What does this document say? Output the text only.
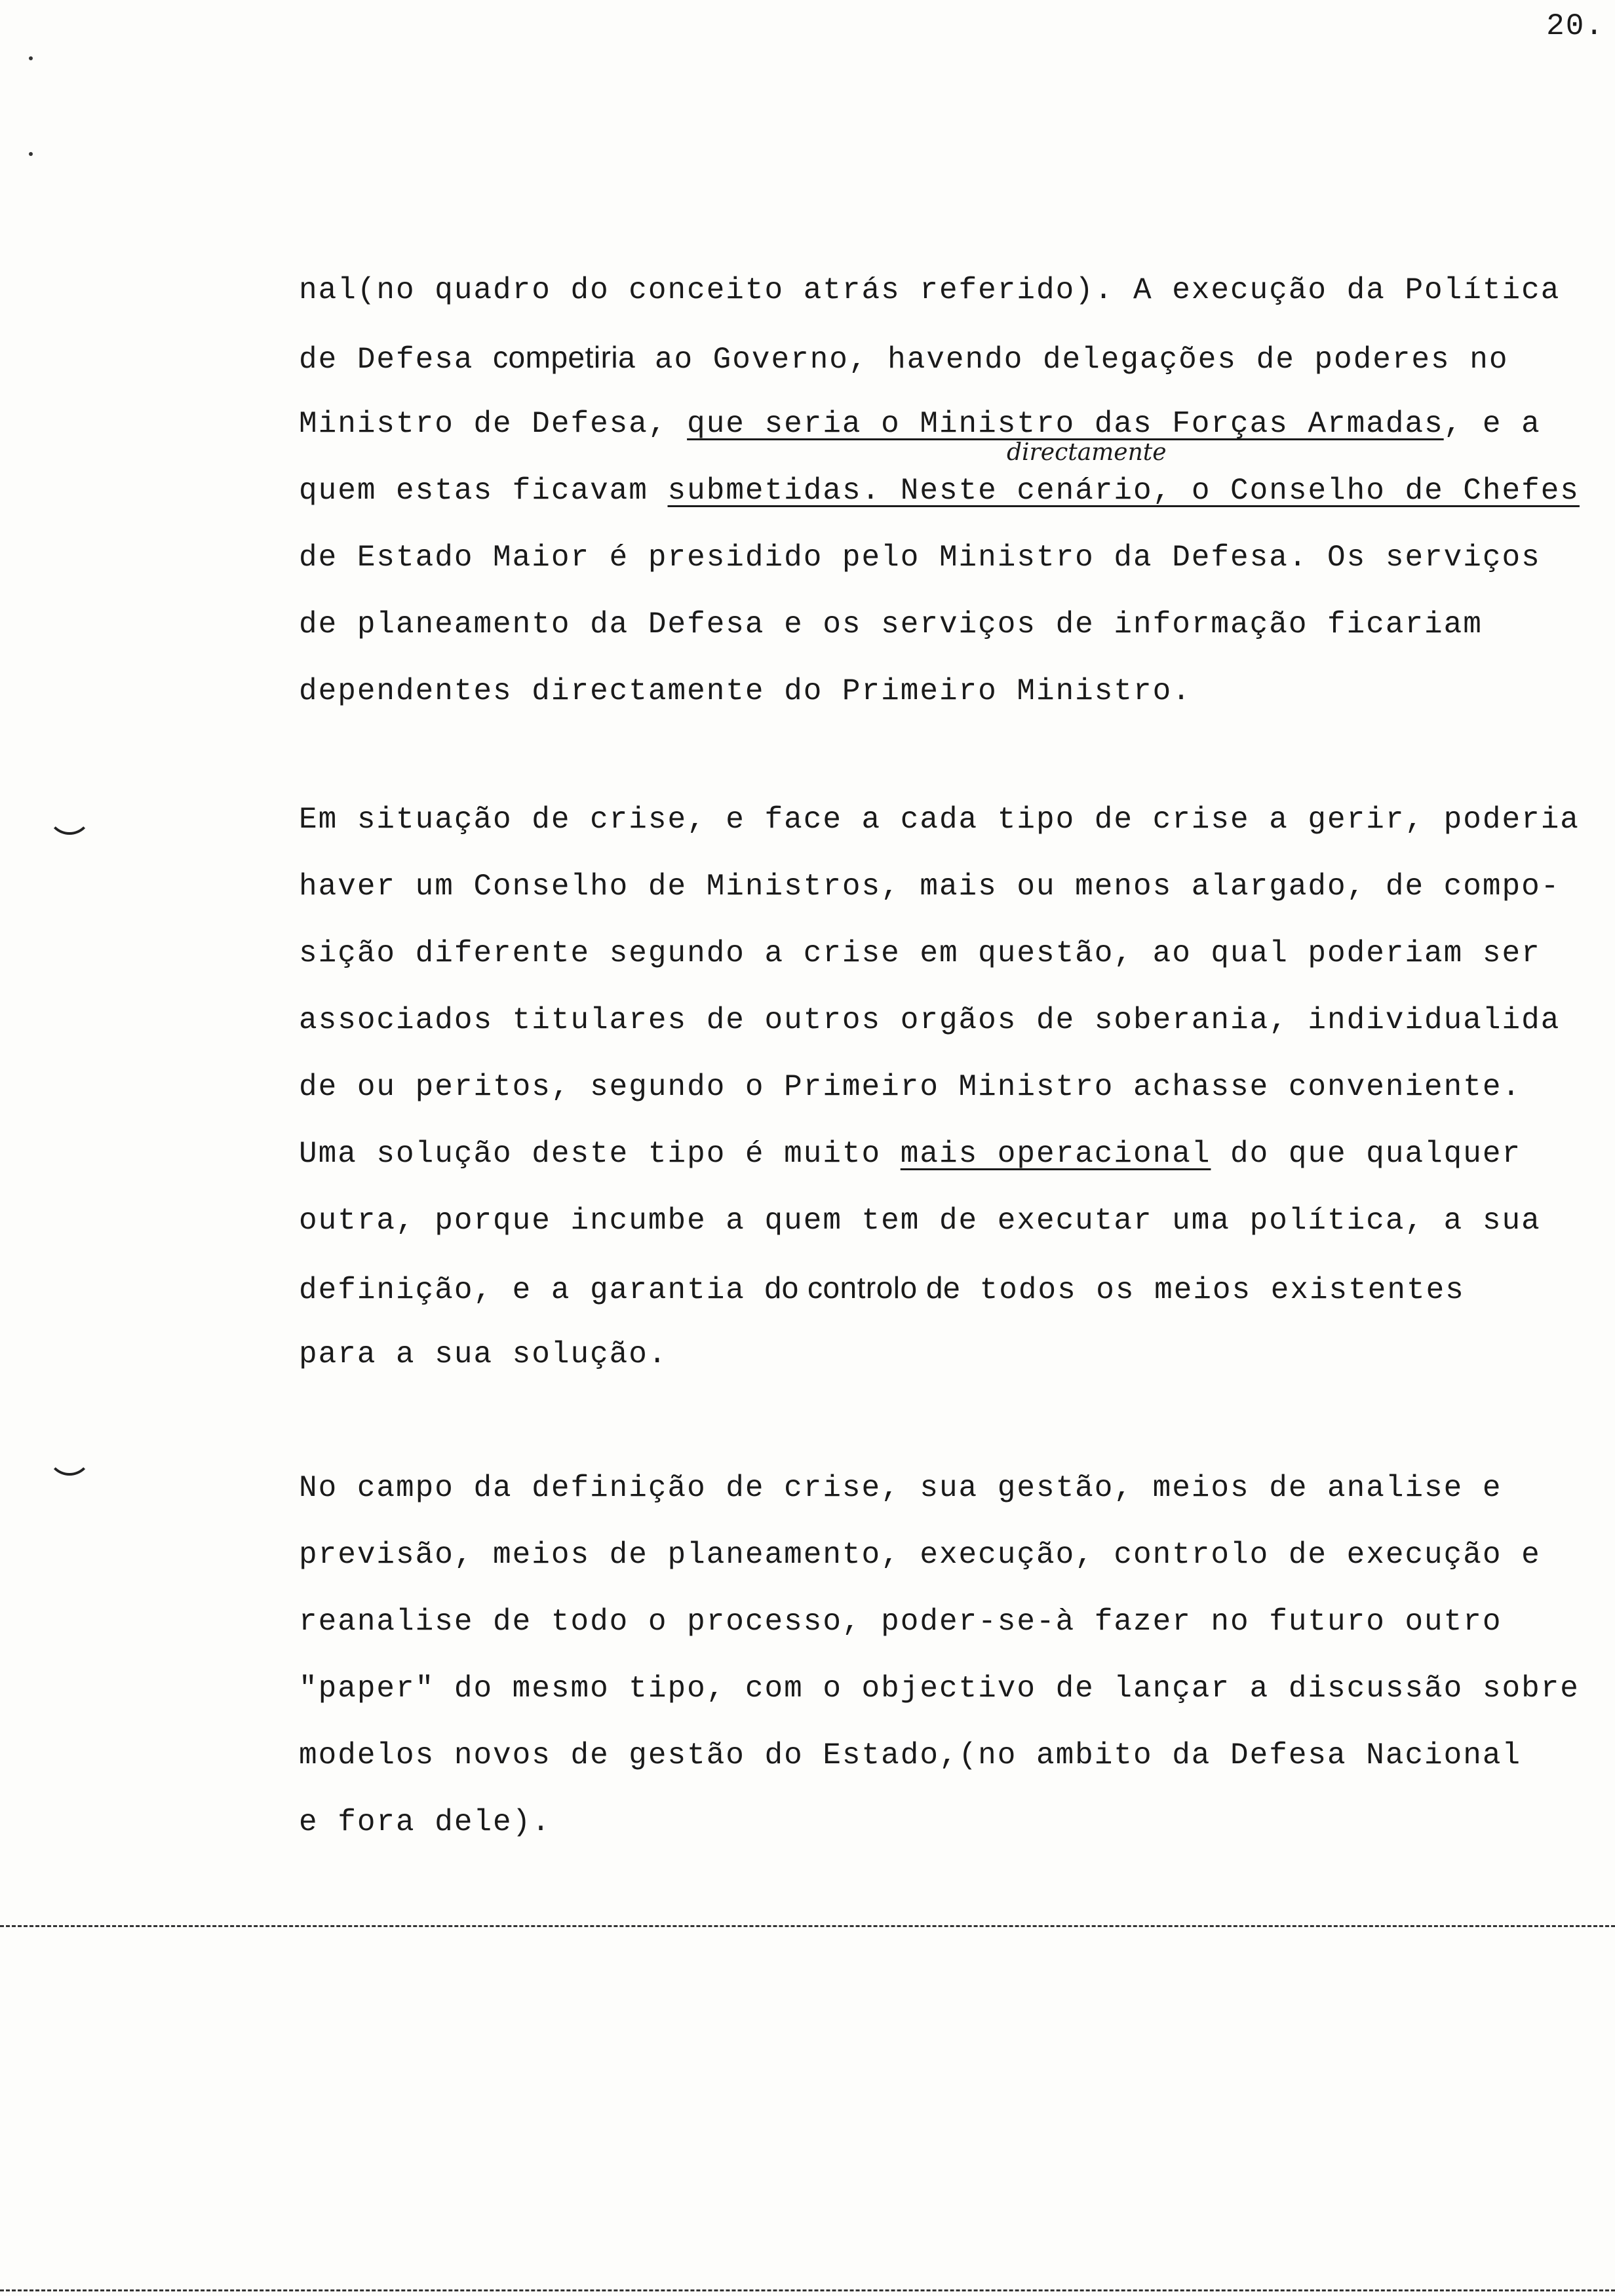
20.
nal(no quadro do conceito atrás referido). A execução da Política
de Defesa competiria ao Governo, havendo delegações de poderes no
Ministro de Defesa, que seria o Ministro das Forças Armadas, e a
quem estas ficavam
directamente
submetidas. Neste cenário, o Conselho de Chefes
de Estado Maior é presidido pelo Ministro da Defesa. Os serviços
de planeamento da Defesa e os serviços de informação ficariam
dependentes directamente do Primeiro Ministro.
Em situação de crise, e face a cada tipo de crise a gerir, poderia
haver um Conselho de Ministros, mais ou menos alargado, de compo-
sição diferente segundo a crise em questão, ao qual poderiam ser
associados titulares de outros orgãos de soberania, individualida
de ou peritos, segundo o Primeiro Ministro achasse conveniente.
Uma solução deste tipo é muito mais operacional do que qualquer
outra, porque incumbe a quem tem de executar uma política, a sua
definição, e a garantia do controlo de todos os meios existentes
para a sua solução.
No campo da definição de crise, sua gestão, meios de analise e
previsão, meios de planeamento, execução, controlo de execução e
reanalise de todo o processo, poder-se-à fazer no futuro outro
"paper" do mesmo tipo, com o objectivo de lançar a discussão sobre
modelos novos de gestão do Estado,(no ambito da Defesa Nacional
e fora dele).
